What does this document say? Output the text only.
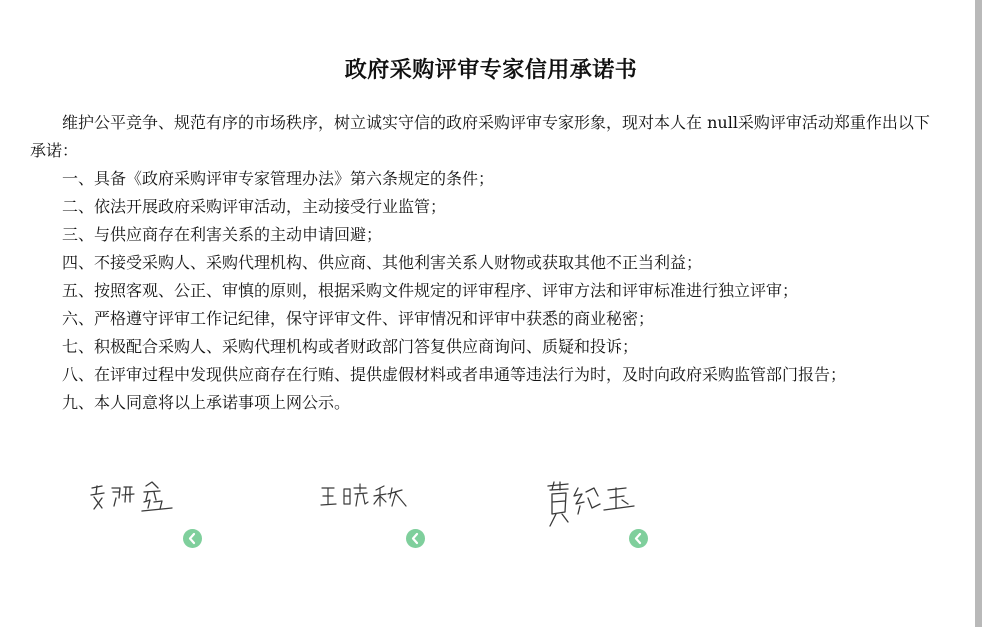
政府采购评审专家信用承诺书

维护公平竞争、规范有序的市场秩序，树立诚实守信的政府采购评审专家形象，现对本人在 null采购评审活动郑重作出以下承诺：

一、具备《政府采购评审专家管理办法》第六条规定的条件；

二、依法开展政府采购评审活动，主动接受行业监管；

三、与供应商存在利害关系的主动申请回避；

四、不接受采购人、采购代理机构、供应商、其他利害关系人财物或获取其他不正当利益；

五、按照客观、公正、审慎的原则，根据采购文件规定的评审程序、评审方法和评审标准进行独立评审；

六、严格遵守评审工作记纪律，保守评审文件、评审情况和评审中获悉的商业秘密；

七、积极配合采购人、采购代理机构或者财政部门答复供应商询问、质疑和投诉；

八、在评审过程中发现供应商存在行贿、提供虚假材料或者串通等违法行为时，及时向政府采购监管部门报告；

九、本人同意将以上承诺事项上网公示。
